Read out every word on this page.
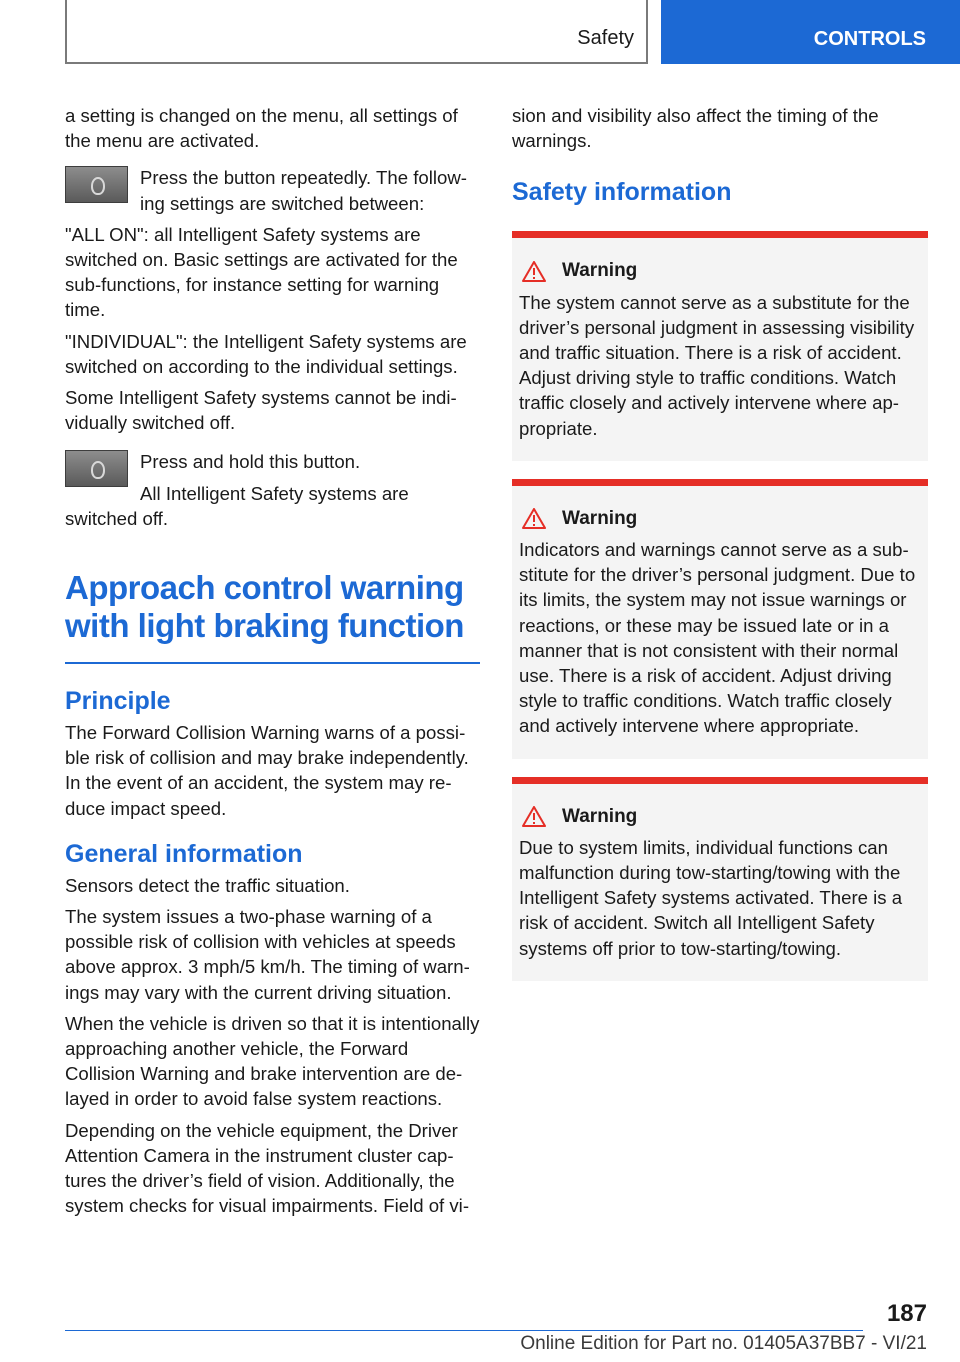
Safety	CONTROLS

a setting is changed on the menu, all settings of the menu are activated.

Press the button repeatedly. The following settings are switched between:

"ALL ON": all Intelligent Safety systems are switched on. Basic settings are activated for the sub-functions, for instance setting for warning time.

"INDIVIDUAL": the Intelligent Safety systems are switched on according to the individual settings.

Some Intelligent Safety systems cannot be individually switched off.

Press and hold this button.

All Intelligent Safety systems are switched off.

Approach control warning with light braking function
Principle

The Forward Collision Warning warns of a possible risk of collision and may brake independently. In the event of an accident, the system may reduce impact speed.

General information

Sensors detect the traffic situation.

The system issues a two-phase warning of a possible risk of collision with vehicles at speeds above approx. 3 mph/5 km/h. The timing of warnings may vary with the current driving situation.

When the vehicle is driven so that it is intentionally approaching another vehicle, the Forward Collision Warning and brake intervention are delayed in order to avoid false system reactions.

Depending on the vehicle equipment, the Driver Attention Camera in the instrument cluster captures the driver’s field of vision. Additionally, the system checks for visual impairments. Field of vi-

sion and visibility also affect the timing of the warnings.

Safety information
Warning

The system cannot serve as a substitute for the driver’s personal judgment in assessing visibility and traffic situation. There is a risk of accident. Adjust driving style to traffic conditions. Watch traffic closely and actively intervene where appropriate.

Warning

Indicators and warnings cannot serve as a substitute for the driver’s personal judgment. Due to its limits, the system may not issue warnings or reactions, or these may be issued late or in a manner that is not consistent with their normal use. There is a risk of accident. Adjust driving style to traffic conditions. Watch traffic closely and actively intervene where appropriate.

Warning

Due to system limits, individual functions can malfunction during tow-starting/towing with the Intelligent Safety systems activated. There is a risk of accident. Switch all Intelligent Safety systems off prior to tow-starting/towing.

187
Online Edition for Part no. 01405A37BB7 - VI/21
